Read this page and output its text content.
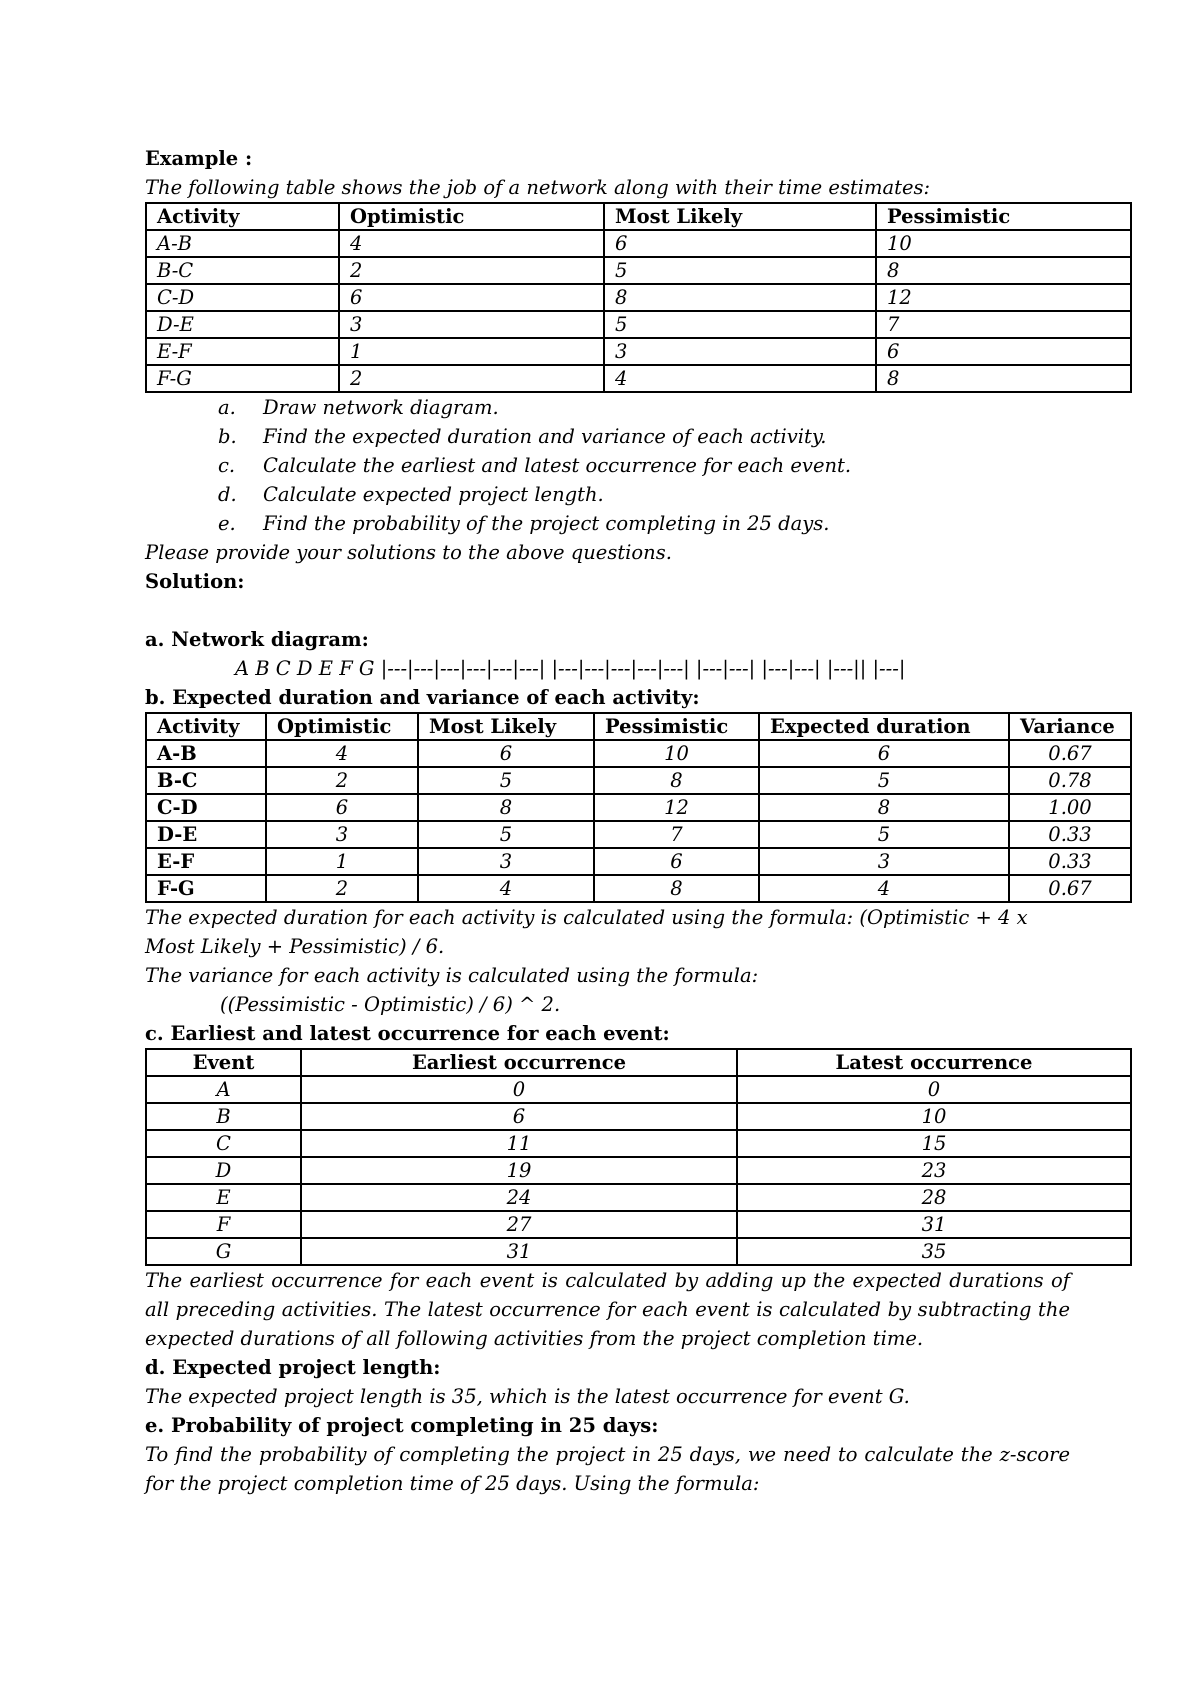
Example :
The following table shows the job of a network along with their time estimates:
Activity	Optimistic	Most Likely	Pessimistic
A-B	4	6	10
B-C	2	5	8
C-D	6	8	12
D-E	3	5	7
E-F	1	3	6
F-G	2	4	8
a. Draw network diagram.
b. Find the expected duration and variance of each activity.
c. Calculate the earliest and latest occurrence for each event.
d. Calculate expected project length.
e. Find the probability of the project completing in 25 days.
Please provide your solutions to the above questions.
Solution:
a. Network diagram:
A B C D E F G |---|---|---|---|---|---| |---|---|---|---|---| |---|---| |---|---| |---|| |---|
b. Expected duration and variance of each activity:
Activity	Optimistic	Most Likely	Pessimistic	Expected duration	Variance
A-B	4	6	10	6	0.67
B-C	2	5	8	5	0.78
C-D	6	8	12	8	1.00
D-E	3	5	7	5	0.33
E-F	1	3	6	3	0.33
F-G	2	4	8	4	0.67
The expected duration for each activity is calculated using the formula: (Optimistic + 4 x
Most Likely + Pessimistic) / 6.
The variance for each activity is calculated using the formula:
((Pessimistic - Optimistic) / 6) ^ 2.
c. Earliest and latest occurrence for each event:
Event	Earliest occurrence	Latest occurrence
A	0	0
B	6	10
C	11	15
D	19	23
E	24	28
F	27	31
G	31	35
The earliest occurrence for each event is calculated by adding up the expected durations of all preceding activities. The latest occurrence for each event is calculated by subtracting the expected durations of all following activities from the project completion time.
d. Expected project length:
The expected project length is 35, which is the latest occurrence for event G.
e. Probability of project completing in 25 days:
To find the probability of completing the project in 25 days, we need to calculate the z-score for the project completion time of 25 days. Using the formula:
